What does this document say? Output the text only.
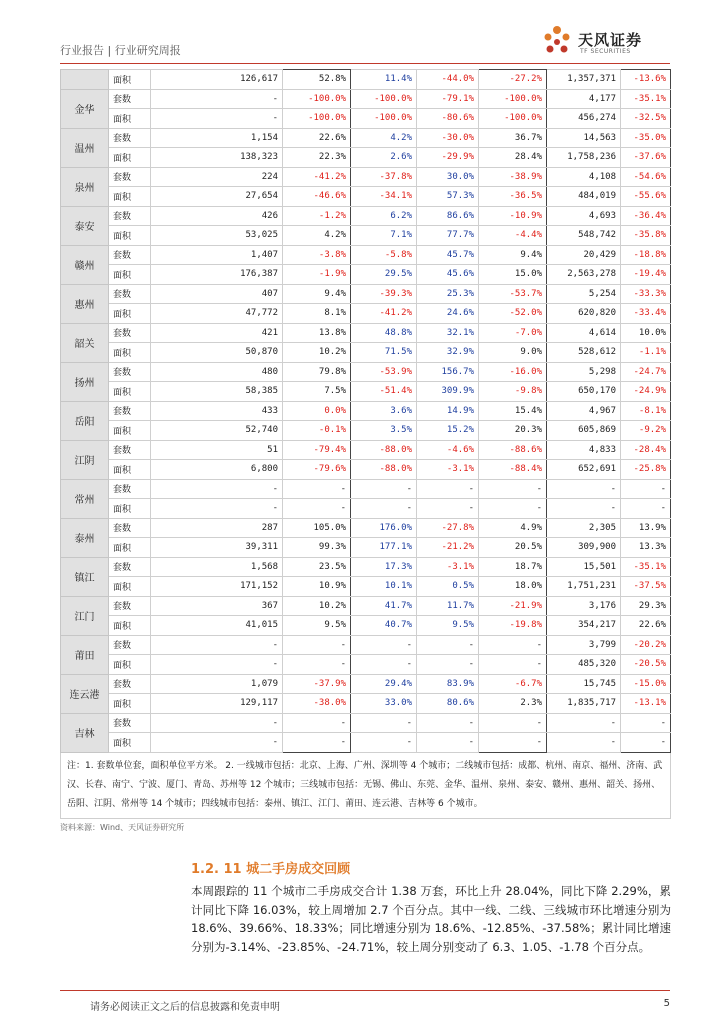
行业报告 | 行业研究周报
天风证券
TF SECURITIES
	面积	126,617	52.8%	11.4%	-44.0%	-27.2%	1,357,371	-13.6%
金华	套数	-	-100.0%	-100.0%	-79.1%	-100.0%	4,177	-35.1%
	面积	-	-100.0%	-100.0%	-80.6%	-100.0%	456,274	-32.5%
温州	套数	1,154	22.6%	4.2%	-30.0%	36.7%	14,563	-35.0%
	面积	138,323	22.3%	2.6%	-29.9%	28.4%	1,758,236	-37.6%
泉州	套数	224	-41.2%	-37.8%	30.0%	-38.9%	4,108	-54.6%
	面积	27,654	-46.6%	-34.1%	57.3%	-36.5%	484,019	-55.6%
泰安	套数	426	-1.2%	6.2%	86.6%	-10.9%	4,693	-36.4%
	面积	53,025	4.2%	7.1%	77.7%	-4.4%	548,742	-35.8%
赣州	套数	1,407	-3.8%	-5.8%	45.7%	9.4%	20,429	-18.8%
	面积	176,387	-1.9%	29.5%	45.6%	15.0%	2,563,278	-19.4%
惠州	套数	407	9.4%	-39.3%	25.3%	-53.7%	5,254	-33.3%
	面积	47,772	8.1%	-41.2%	24.6%	-52.0%	620,820	-33.4%
韶关	套数	421	13.8%	48.8%	32.1%	-7.0%	4,614	10.0%
	面积	50,870	10.2%	71.5%	32.9%	9.0%	528,612	-1.1%
扬州	套数	480	79.8%	-53.9%	156.7%	-16.0%	5,298	-24.7%
	面积	58,385	7.5%	-51.4%	309.9%	-9.8%	650,170	-24.9%
岳阳	套数	433	0.0%	3.6%	14.9%	15.4%	4,967	-8.1%
	面积	52,740	-0.1%	3.5%	15.2%	20.3%	605,869	-9.2%
江阴	套数	51	-79.4%	-88.0%	-4.6%	-88.6%	4,833	-28.4%
	面积	6,800	-79.6%	-88.0%	-3.1%	-88.4%	652,691	-25.8%
常州	套数	-	-	-	-	-	-	-
	面积	-	-	-	-	-	-	-
泰州	套数	287	105.0%	176.0%	-27.8%	4.9%	2,305	13.9%
	面积	39,311	99.3%	177.1%	-21.2%	20.5%	309,900	13.3%
镇江	套数	1,568	23.5%	17.3%	-3.1%	18.7%	15,501	-35.1%
	面积	171,152	10.9%	10.1%	0.5%	18.0%	1,751,231	-37.5%
江门	套数	367	10.2%	41.7%	11.7%	-21.9%	3,176	29.3%
	面积	41,015	9.5%	40.7%	9.5%	-19.8%	354,217	22.6%
莆田	套数	-	-	-	-	-	3,799	-20.2%
	面积	-	-	-	-	-	485,320	-20.5%
连云港	套数	1,079	-37.9%	29.4%	83.9%	-6.7%	15,745	-15.0%
	面积	129,117	-38.0%	33.0%	80.6%	2.3%	1,835,717	-13.1%
吉林	套数	-	-	-	-	-	-	-
	面积	-	-	-	-	-	-	-
注：1. 套数单位套，面积单位平方米。 2. 一线城市包括：北京、上海、广州、深圳等 4 个城市；二线城市包括：成都、杭州、南京、福州、济南、武汉、长春、南宁、宁波、厦门、青岛、苏州等 12 个城市；三线城市包括：无锡、佛山、东莞、金华、温州、泉州、泰安、赣州、惠州、韶关、扬州、岳阳、江阴、常州等 14 个城市；四线城市包括：泰州、镇江、江门、莆田、连云港、吉林等 6 个城市。								
资料来源：Wind、天风证券研究所
1.2. 11 城二手房成交回顾
本周跟踪的 11 个城市二手房成交合计 1.38 万套，环比上升 28.04%，同比下降 2.29%，累计同比下降 16.03%，较上周增加 2.7 个百分点。其中一线、二线、三线城市环比增速分别为 18.6%、39.66%、18.33%；同比增速分别为 18.6%、-12.85%、-37.58%；累计同比增速分别为-3.14%、-23.85%、-24.71%，较上周分别变动了 6.3、1.05、-1.78 个百分点。
请务必阅读正文之后的信息披露和免责申明	5
